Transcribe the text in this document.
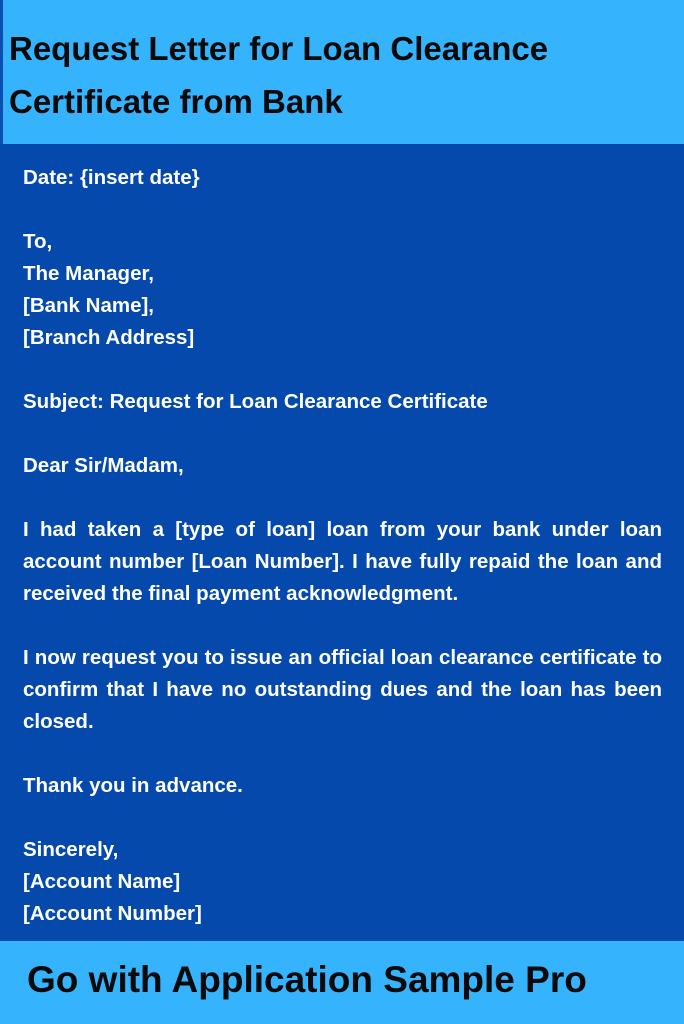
Request Letter for Loan Clearance Certificate from Bank
Date: {insert date}
To,
The Manager,
[Bank Name],
[Branch Address]
Subject: Request for Loan Clearance Certificate
Dear Sir/Madam,
I had taken a [type of loan] loan from your bank under loan account number [Loan Number]. I have fully repaid the loan and received the final payment acknowledgment.
I now request you to issue an official loan clearance certificate to confirm that I have no outstanding dues and the loan has been closed.
Thank you in advance.
Sincerely,
[Account Name]
[Account Number]
Go with Application Sample Pro
